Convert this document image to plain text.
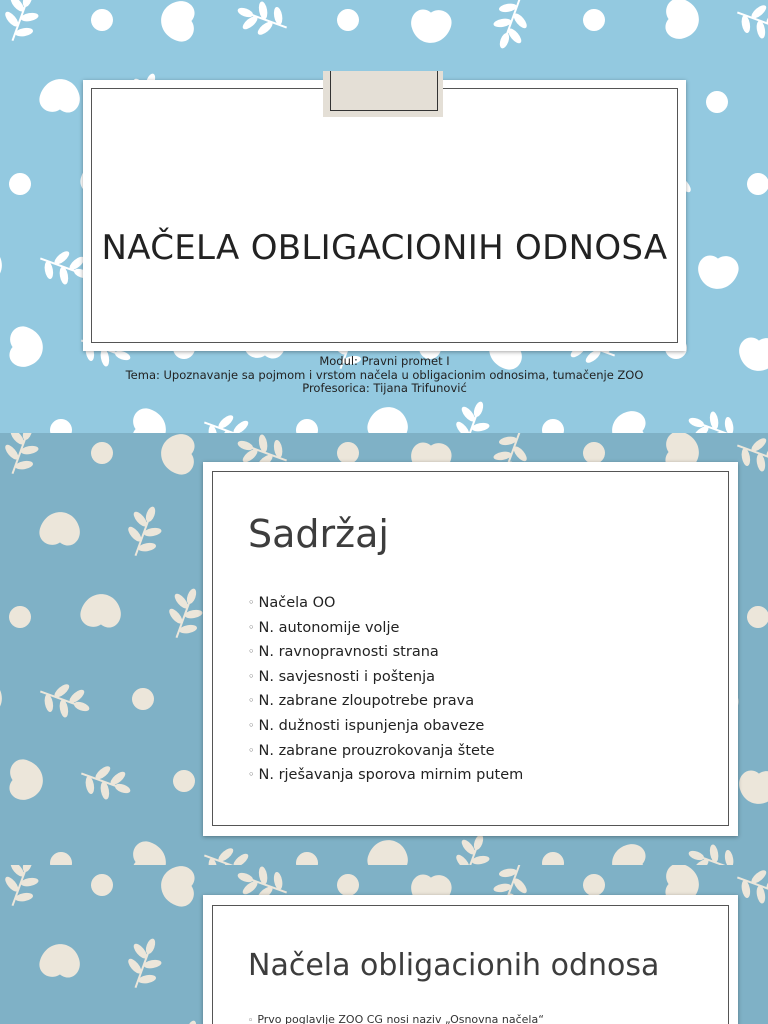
NAČELA OBLIGACIONIH ODNOSA
Modul: Pravni promet I
Tema: Upoznavanje sa pojmom i vrstom načela u obligacionim odnosima, tumačenje ZOO
Profesorica: Tijana Trifunović
Sadržaj
◦ Načela OO
◦ N. autonomije volje
◦ N. ravnopravnosti strana
◦ N. savjesnosti i poštenja
◦ N. zabrane zloupotrebe prava
◦ N. dužnosti ispunjenja obaveze
◦ N. zabrane prouzrokovanja štete
◦ N. rješavanja sporova mirnim putem
Načela obligacionih odnosa
◦ Prvo poglavlje ZOO CG nosi naziv „Osnovna načela“
